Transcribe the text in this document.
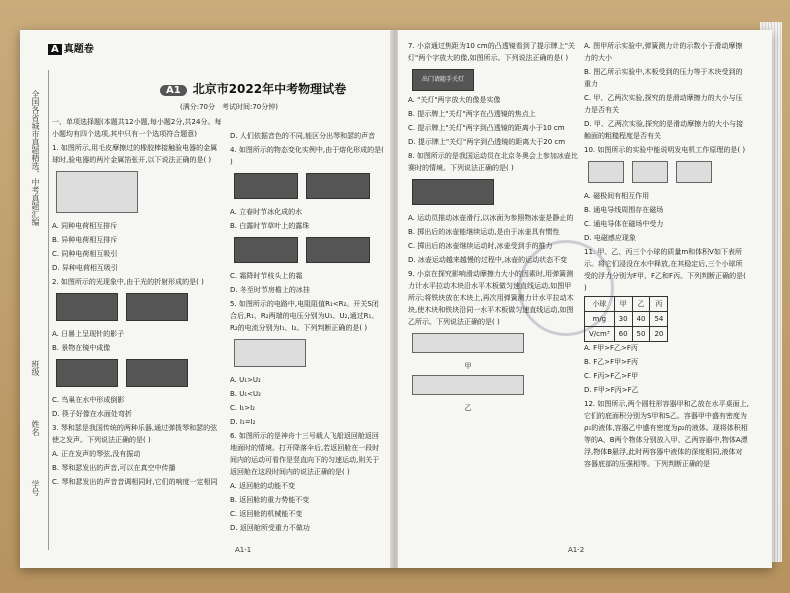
全国各省城市真题精选、中考真题汇编
班级
姓名
学号
A 真题卷
A1 北京市2022年中考物理试卷
(满分:70分　考试时间:70分钟)

一、单项选择题(本题共12小题,每小题2分,共24分。每小题均有四个选项,其中只有一个选项符合题意)

1. 如图所示,用毛皮摩擦过的橡胶棒接触验电器的金属球时,验电器的两片金属箔张开,以下说法正确的是( )

A. 同种电荷相互排斥

B. 异种电荷相互排斥

C. 同种电荷相互吸引

D. 异种电荷相互吸引

2. 如图所示的光现象中,由于光的折射形成的是( )

A. 日晷上呈现针的影子

B. 景物在镜中成像

C. 鸟巢在水中形成倒影

D. 筷子好像在水面处弯折

3. 琴和瑟是我国传统的两种乐器,通过弹拨琴和瑟的弦使之发声。下列说法正确的是( )

A. 正在发声的琴弦,没有振动

B. 琴和瑟发出的声音,可以在真空中传播

C. 琴和瑟发出的声音音调相同时,它们的响度一定相同

D. 人们依据音色的不同,能区分出琴和瑟的声音

4. 如图所示的物态变化实例中,由于熔化形成的是( )

A. 立春时节冰化成的水

B. 白露时节草叶上的露珠

C. 霜降时节枝头上的霜

D. 冬至时节房檐上的冰挂

5. 如图所示的电路中,电阻阻值R₁<R₂。开关S闭合后,R₁、R₂两端的电压分别为U₁、U₂,通过R₁、R₂的电流分别为I₁、I₂。下列判断正确的是( )

A. U₁>U₂

B. U₁<U₂

C. I₁>I₂

D. I₁=I₂

6. 如图所示的是神舟十三号载人飞船返回舱返回地面时的情境。打开降落伞后,若返回舱在一段时间内的运动可看作是竖直向下的匀速运动,则关于返回舱在这段时间内的说法正确的是( )

A. 返回舱的动能不变

B. 返回舱的重力势能不变

C. 返回舱的机械能不变

D. 返回舱所受重力不做功

A1-1

7. 小京通过焦距为10 cm的凸透镜看到了提示牌上"关灯"两个字放大的像,如图所示。下列说法正确的是( )

出门请随手关灯

A. "关灯"两字放大的像是实像

B. 提示牌上"关灯"两字在凸透镜的焦点上

C. 提示牌上"关灯"两字到凸透镜的距离小于10 cm

D. 提示牌上"关灯"两字到凸透镜的距离大于20 cm

8. 如图所示的是我国运动员在北京冬奥会上参加冰壶比赛时的情境。下列说法正确的是( )

A. 运动员推动冰壶滑行,以冰面为参照物冰壶是静止的

B. 掷出后的冰壶能继续运动,是由于冰壶具有惯性

C. 掷出后的冰壶继续运动时,冰壶受到手的推力

D. 冰壶运动越来越慢的过程中,冰壶的运动状态不变

9. 小京在探究影响滑动摩擦力大小的因素时,用弹簧测力计水平拉动木块沿水平木板做匀速直线运动,如图甲所示;将铁块放在木块上,再次用弹簧测力计水平拉动木块,使木块和铁块沿同一水平木板做匀速直线运动,如图乙所示。下列说法正确的是( )

甲
乙

A. 图甲所示实验中,弹簧测力计的示数小于滑动摩擦力的大小

B. 图乙所示实验中,木板受到的压力等于木块受到的重力

C. 甲、乙两次实验,探究的是滑动摩擦力的大小与压力是否有关

D. 甲、乙两次实验,探究的是滑动摩擦力的大小与接触面的粗糙程度是否有关

10. 如图所示的实验中能说明发电机工作原理的是( )

A. 磁极间有相互作用

B. 通电导线周围存在磁场

C. 通电导体在磁场中受力

D. 电磁感应现象

11. 甲、乙、丙三个小球的质量m和体积V如下表所示。将它们浸没在水中释放,在其稳定后,三个小球所受的浮力分别为F甲、F乙和F丙。下列判断正确的是( )

小球	甲	乙	丙
m/g	30	40	54
V/cm³	60	50	20

A. F甲>F乙>F丙

B. F乙>F甲>F丙

C. F丙>F乙>F甲

D. F甲>F丙>F乙

12. 如图所示,两个圆柱形容器甲和乙放在水平桌面上,它们的底面积分别为S甲和S乙。容器甲中盛有密度为ρ₁的液体,容器乙中盛有密度为ρ₂的液体。现将体积相等的A、B两个物体分别放入甲、乙两容器中,物体A漂浮,物体B悬浮,此时两容器中液体的深度相同,液体对容器底部的压强相等。下列判断正确的是

A1-2
